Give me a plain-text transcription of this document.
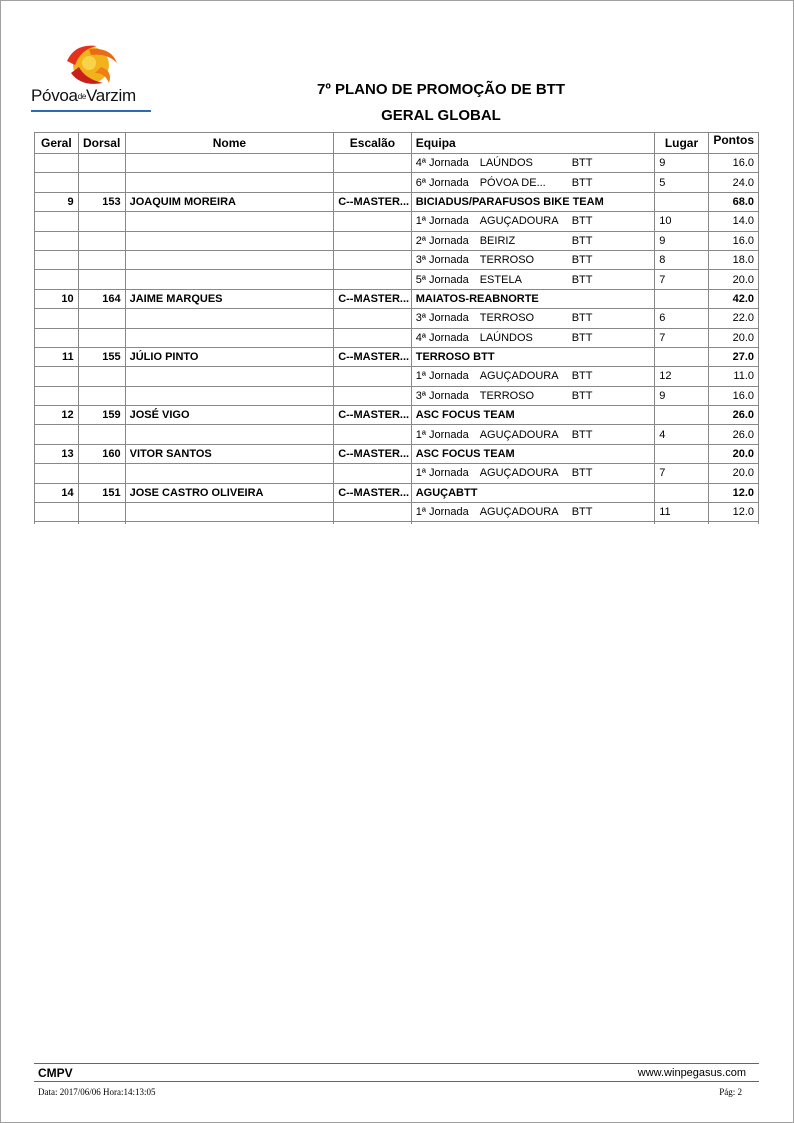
PóvoadeVarzim	7º PLANO DE PROMOÇÃO DE BTT
GERAL GLOBAL
Geral	Dorsal	Nome	Escalão	Equipa	Lugar	Pontos
				4ª Jornada LAÚNDOS BTT	9	16.0
				6ª Jornada PÓVOA DE... BTT	5	24.0
9	153	JOAQUIM MOREIRA	C--MASTER...	BICIADUS/PARAFUSOS BIKE TEAM		68.0
				1ª Jornada AGUÇADOURA BTT	10	14.0
				2ª Jornada BEIRIZ BTT	9	16.0
				3ª Jornada TERROSO BTT	8	18.0
				5ª Jornada ESTELA BTT	7	20.0
10	164	JAIME MARQUES	C--MASTER...	MAIATOS-REABNORTE		42.0
				3ª Jornada TERROSO BTT	6	22.0
				4ª Jornada LAÚNDOS BTT	7	20.0
11	155	JÚLIO PINTO	C--MASTER...	TERROSO BTT		27.0
				1ª Jornada AGUÇADOURA BTT	12	11.0
				3ª Jornada TERROSO BTT	9	16.0
12	159	JOSÉ VIGO	C--MASTER...	ASC FOCUS TEAM		26.0
				1ª Jornada AGUÇADOURA BTT	4	26.0
13	160	VITOR SANTOS	C--MASTER...	ASC FOCUS TEAM		20.0
				1ª Jornada AGUÇADOURA BTT	7	20.0
14	151	JOSE CASTRO OLIVEIRA	C--MASTER...	AGUÇABTT		12.0
				1ª Jornada AGUÇADOURA BTT	11	12.0

CMPV	www.winpegasus.com
Data: 2017/06/06 Hora:14:13:05	Pág: 2
